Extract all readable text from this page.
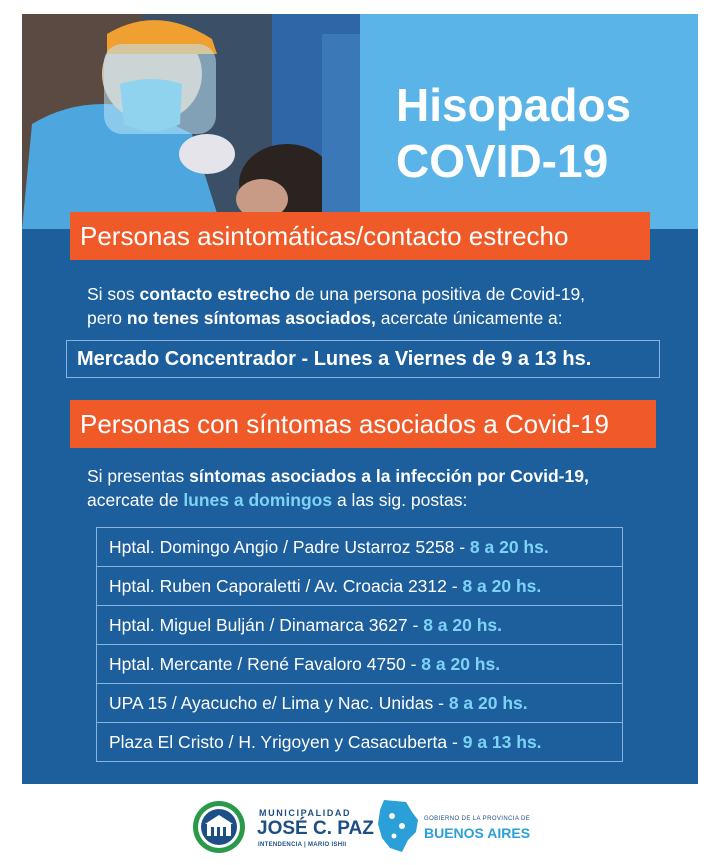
Hisopados
COVID-19
Personas asintomáticas/contacto estrecho
Si sos contacto estrecho de una persona positiva de Covid-19,
pero no tenes síntomas asociados, acercate únicamente a:
Mercado Concentrador - Lunes a Viernes de 9 a 13 hs.
Personas con síntomas asociados a Covid-19
Si presentas síntomas asociados a la infección por Covid-19,
acercate de lunes a domingos a las sig. postas:
Hptal. Domingo Angio / Padre Ustarroz 5258 - 8 a 20 hs.
Hptal. Ruben Caporaletti / Av. Croacia 2312 - 8 a 20 hs.
Hptal. Miguel Bulján / Dinamarca 3627 - 8 a 20 hs.
Hptal. Mercante / René Favaloro 4750 - 8 a 20 hs.
UPA 15 / Ayacucho e/ Lima y Nac. Unidas - 8 a 20 hs.
Plaza El Cristo / H. Yrigoyen y Casacuberta - 9 a 13 hs.
MUNICIPALIDAD
JOSÉ C. PAZ
INTENDENCIA | MARIO ISHII
GOBIERNO DE LA PROVINCIA DE
BUENOS AIRES
